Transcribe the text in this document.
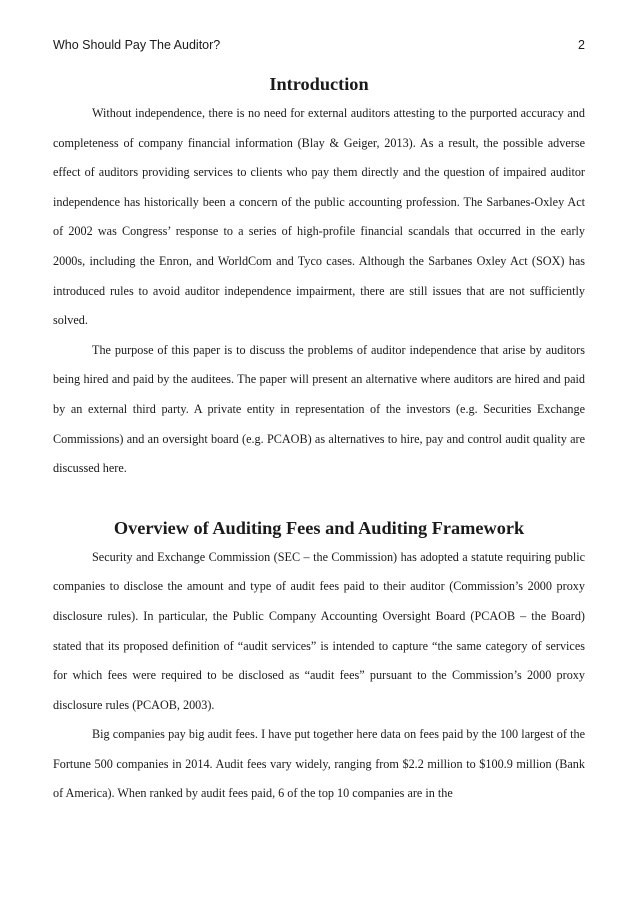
Who Should Pay The Auditor?	2
Introduction

Without independence, there is no need for external auditors attesting to the purported accuracy and completeness of company financial information (Blay & Geiger, 2013). As a result, the possible adverse effect of auditors providing services to clients who pay them directly and the question of impaired auditor independence has historically been a concern of the public accounting profession. The Sarbanes-Oxley Act of 2002 was Congress’ response to a series of high-profile financial scandals that occurred in the early 2000s, including the Enron, and WorldCom and Tyco cases. Although the Sarbanes Oxley Act (SOX) has introduced rules to avoid auditor independence impairment, there are still issues that are not sufficiently solved.

The purpose of this paper is to discuss the problems of auditor independence that arise by auditors being hired and paid by the auditees. The paper will present an alternative where auditors are hired and paid by an external third party. A private entity in representation of the investors (e.g. Securities Exchange Commissions) and an oversight board (e.g. PCAOB) as alternatives to hire, pay and control audit quality are discussed here.

Overview of Auditing Fees and Auditing Framework

Security and Exchange Commission (SEC – the Commission) has adopted a statute requiring public companies to disclose the amount and type of audit fees paid to their auditor (Commission’s 2000 proxy disclosure rules). In particular, the Public Company Accounting Oversight Board (PCAOB – the Board) stated that its proposed definition of “audit services” is intended to capture “the same category of services for which fees were required to be disclosed as “audit fees” pursuant to the Commission’s 2000 proxy disclosure rules (PCAOB, 2003).

Big companies pay big audit fees. I have put together here data on fees paid by the 100 largest of the Fortune 500 companies in 2014. Audit fees vary widely, ranging from $2.2 million to $100.9 million (Bank of America). When ranked by audit fees paid, 6 of the top 10 companies are in the
